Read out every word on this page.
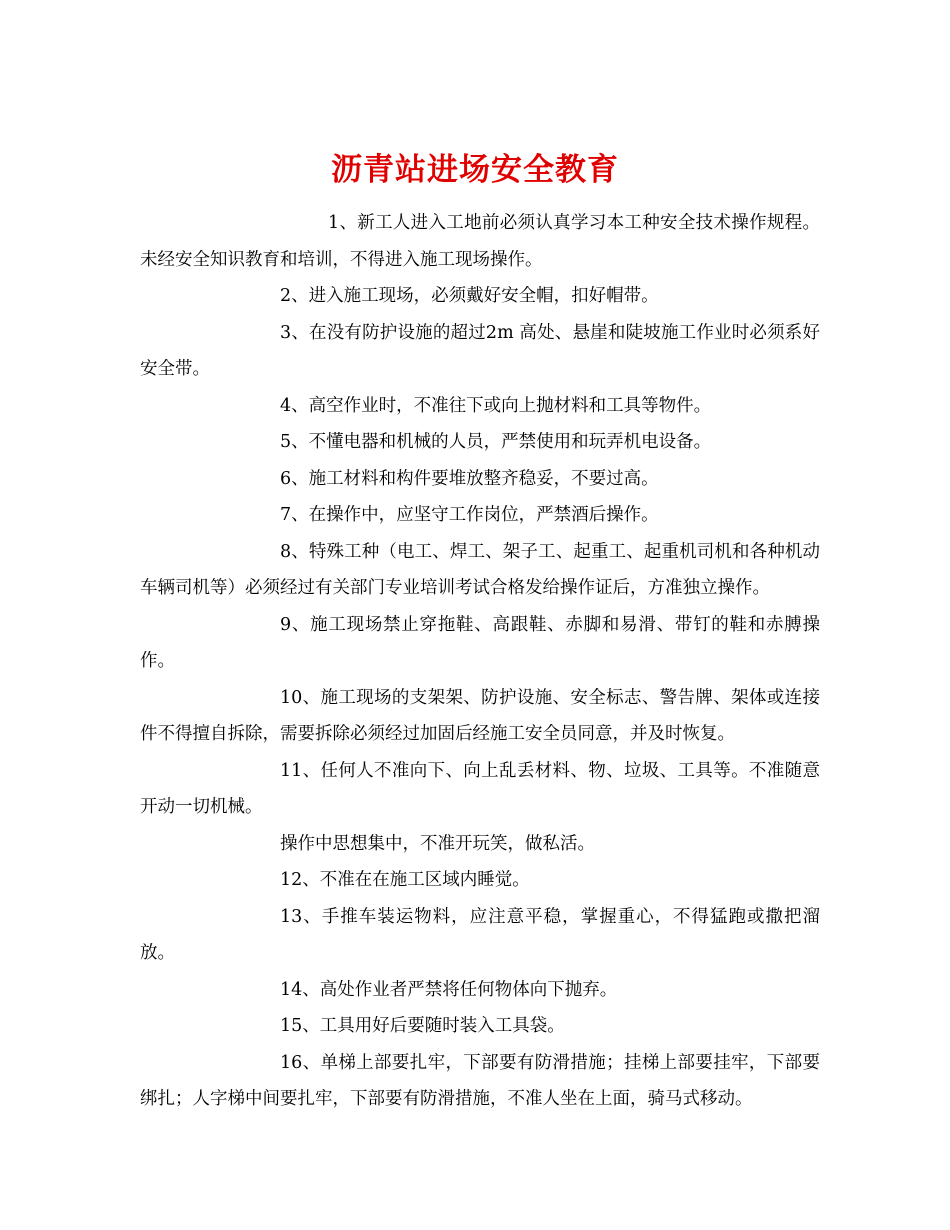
沥青站进场安全教育

1、新工人进入工地前必须认真学习本工种安全技术操作规程。未经安全知识教育和培训，不得进入施工现场操作。

2、进入施工现场，必须戴好安全帽，扣好帽带。

3、在没有防护设施的超过2m 高处、悬崖和陡坡施工作业时必须系好安全带。

4、高空作业时，不准往下或向上抛材料和工具等物件。

5、不懂电器和机械的人员，严禁使用和玩弄机电设备。

6、施工材料和构件要堆放整齐稳妥，不要过高。

7、在操作中，应坚守工作岗位，严禁酒后操作。

8、特殊工种（电工、焊工、架子工、起重工、起重机司机和各种机动车辆司机等）必须经过有关部门专业培训考试合格发给操作证后，方准独立操作。

9、施工现场禁止穿拖鞋、高跟鞋、赤脚和易滑、带钉的鞋和赤膊操作。

10、施工现场的支架架、防护设施、安全标志、警告牌、架体或连接件不得擅自拆除，需要拆除必须经过加固后经施工安全员同意，并及时恢复。

11、任何人不准向下、向上乱丢材料、物、垃圾、工具等。不准随意开动一切机械。

操作中思想集中，不准开玩笑，做私活。

12、不准在在施工区域内睡觉。

13、手推车装运物料，应注意平稳，掌握重心，不得猛跑或撒把溜放。

14、高处作业者严禁将任何物体向下抛弃。

15、工具用好后要随时装入工具袋。

16、单梯上部要扎牢，下部要有防滑措施；挂梯上部要挂牢，下部要绑扎；人字梯中间要扎牢，下部要有防滑措施，不准人坐在上面，骑马式移动。
